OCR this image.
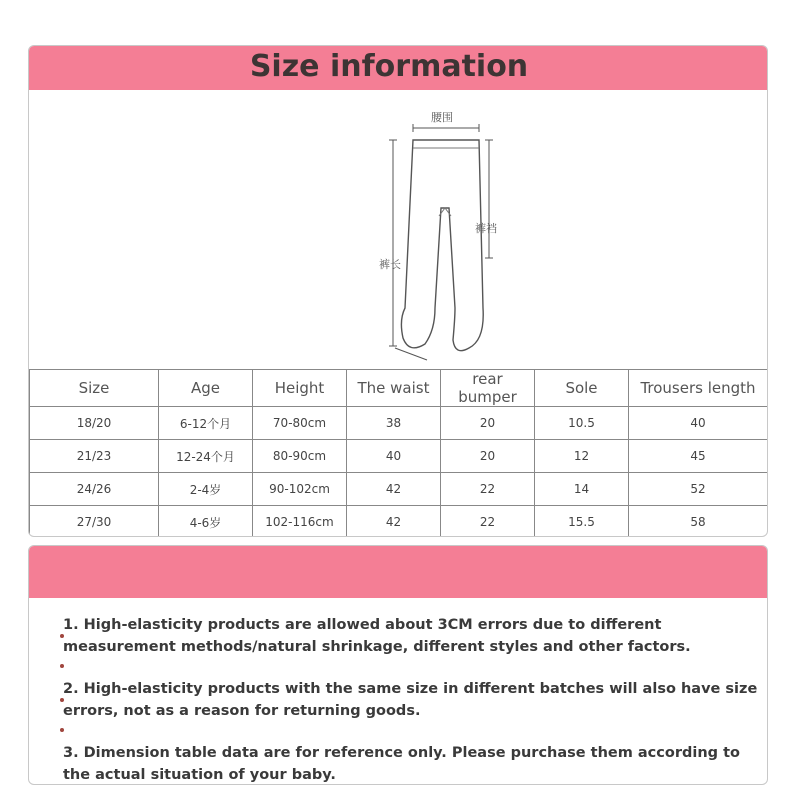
Size information
腰围
裤裆
裤长
Size	Age	Height	The waist	rear bumper	Sole	Trousers length
18/20	6-12个月	70-80cm	38	20	10.5	40
21/23	12-24个月	80-90cm	40	20	12	45
24/26	2-4岁	90-102cm	42	22	14	52
27/30	4-6岁	102-116cm	42	22	15.5	58
1. High-elasticity products are allowed about 3CM errors due to different measurement methods/natural shrinkage, different styles and other factors.
2. High-elasticity products with the same size in different batches will also have size errors, not as a reason for returning goods.
3. Dimension table data are for reference only. Please purchase them according to the actual situation of your baby.
